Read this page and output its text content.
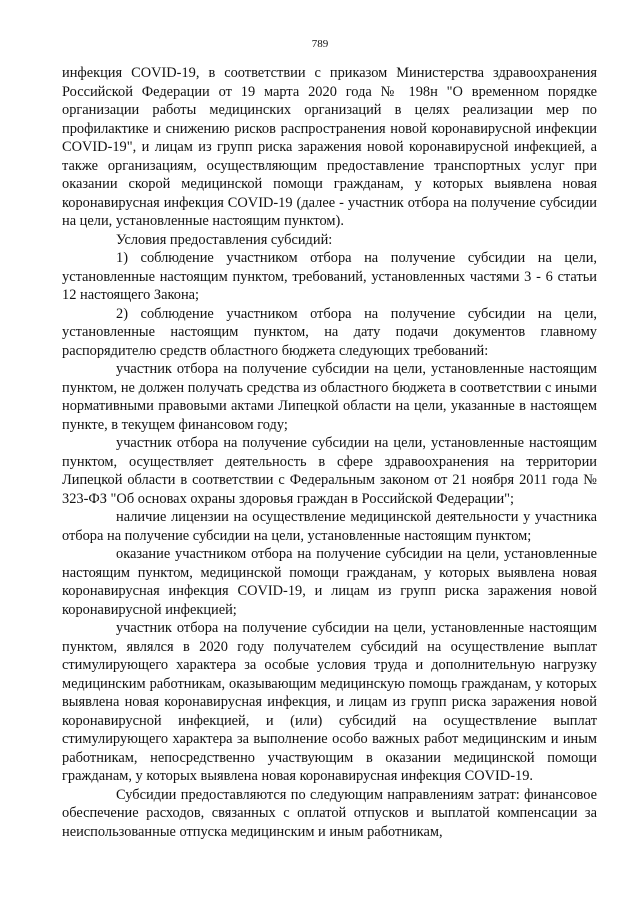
789

инфекция COVID-19, в соответствии с приказом Министерства здравоохранения Российской Федерации от 19 марта 2020 года № 198н "О временном порядке организации работы медицинских организаций в целях реализации мер по профилактике и снижению рисков распространения новой коронавирусной инфекции COVID-19", и лицам из групп риска заражения новой коронавирусной инфекцией, а также организациям, осуществляющим предоставление транспортных услуг при оказании скорой медицинской помощи гражданам, у которых выявлена новая коронавирусная инфекция COVID-19 (далее - участник отбора на получение субсидии на цели, установленные настоящим пунктом).

Условия предоставления субсидий:

1) соблюдение участником отбора на получение субсидии на цели, установленные настоящим пунктом, требований, установленных частями 3 - 6 статьи 12 настоящего Закона;

2) соблюдение участником отбора на получение субсидии на цели, установленные настоящим пунктом, на дату подачи документов главному распорядителю средств областного бюджета следующих требований:

участник отбора на получение субсидии на цели, установленные настоящим пунктом, не должен получать средства из областного бюджета в соответствии с иными нормативными правовыми актами Липецкой области на цели, указанные в настоящем пункте, в текущем финансовом году;

участник отбора на получение субсидии на цели, установленные настоящим пунктом, осуществляет деятельность в сфере здравоохранения на территории Липецкой области в соответствии с Федеральным законом от 21 ноября 2011 года № 323-ФЗ "Об основах охраны здоровья граждан в Российской Федерации";

наличие лицензии на осуществление медицинской деятельности у участника отбора на получение субсидии на цели, установленные настоящим пунктом;

оказание участником отбора на получение субсидии на цели, установленные настоящим пунктом, медицинской помощи гражданам, у которых выявлена новая коронавирусная инфекция COVID-19, и лицам из групп риска заражения новой коронавирусной инфекцией;

участник отбора на получение субсидии на цели, установленные настоящим пунктом, являлся в 2020 году получателем субсидий на осуществление выплат стимулирующего характера за особые условия труда и дополнительную нагрузку медицинским работникам, оказывающим медицинскую помощь гражданам, у которых выявлена новая коронавирусная инфекция, и лицам из групп риска заражения новой коронавирусной инфекцией, и (или) субсидий на осуществление выплат стимулирующего характера за выполнение особо важных работ медицинским и иным работникам, непосредственно участвующим в оказании медицинской помощи гражданам, у которых выявлена новая коронавирусная инфекция COVID-19.

Субсидии предоставляются по следующим направлениям затрат: финансовое обеспечение расходов, связанных с оплатой отпусков и выплатой компенсации за неиспользованные отпуска медицинским и иным работникам,
